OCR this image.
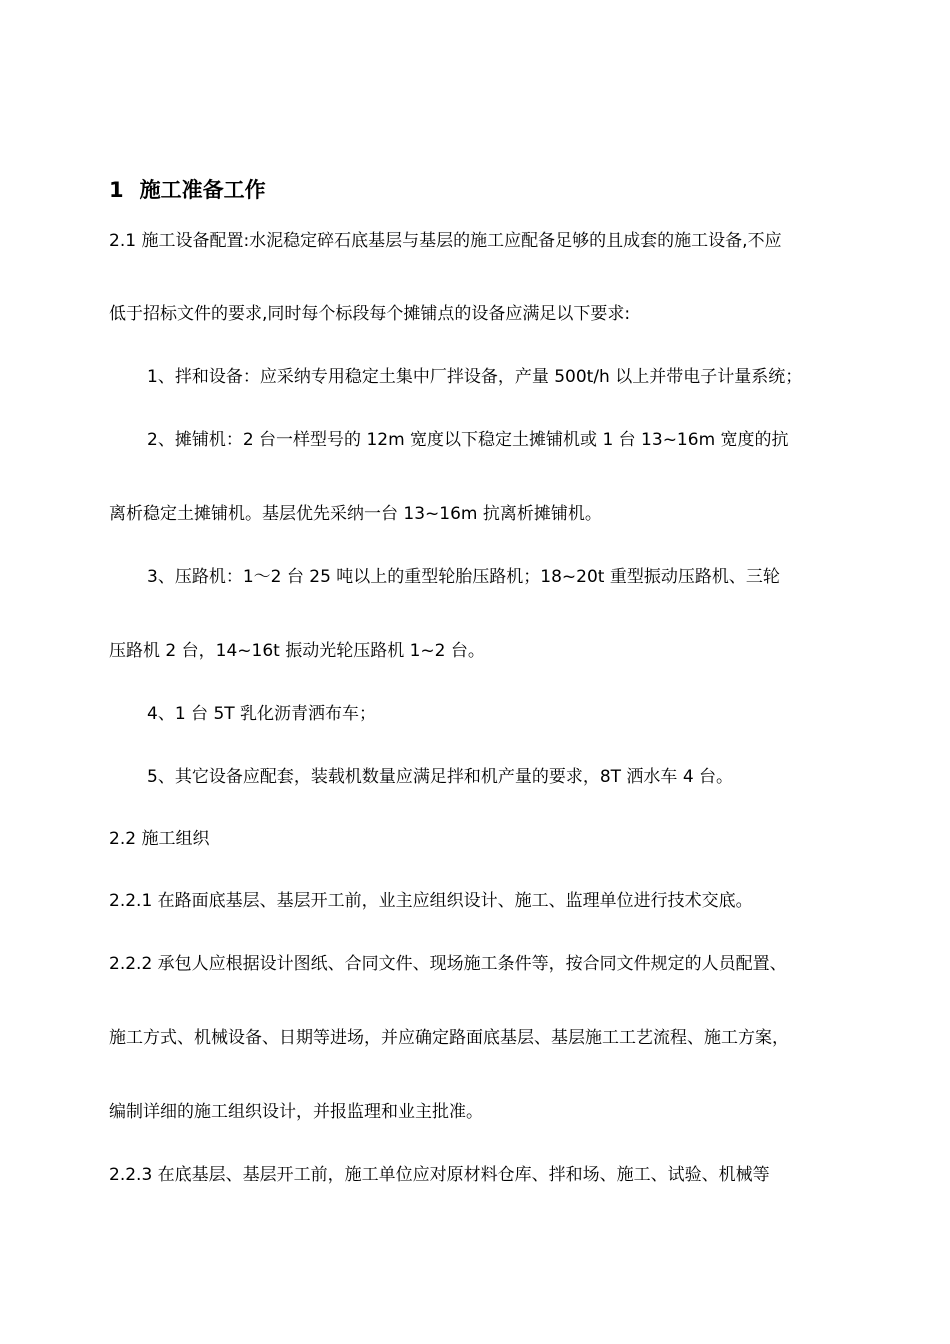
1 施工准备工作
2.1 施工设备配置:水泥稳定碎石底基层与基层的施工应配备足够的且成套的施工设备,不应
低于招标文件的要求,同时每个标段每个摊铺点的设备应满足以下要求:
1、拌和设备：应采纳专用稳定土集中厂拌设备，产量 500t/h 以上并带电子计量系统；
2、摊铺机：2 台一样型号的 12m 宽度以下稳定土摊铺机或 1 台 13~16m 宽度的抗
离析稳定土摊铺机。基层优先采纳一台 13~16m 抗离析摊铺机。
3、压路机：1～2 台 25 吨以上的重型轮胎压路机；18~20t 重型振动压路机、三轮
压路机 2 台，14~16t 振动光轮压路机 1~2 台。
4、1 台 5T 乳化沥青洒布车；
5、其它设备应配套，装载机数量应满足拌和机产量的要求，8T 洒水车 4 台。
2.2 施工组织
2.2.1 在路面底基层、基层开工前，业主应组织设计、施工、监理单位进行技术交底。
2.2.2 承包人应根据设计图纸、合同文件、现场施工条件等，按合同文件规定的人员配置、
施工方式、机械设备、日期等进场，并应确定路面底基层、基层施工工艺流程、施工方案，
编制详细的施工组织设计，并报监理和业主批准。
2.2.3 在底基层、基层开工前，施工单位应对原材料仓库、拌和场、施工、试验、机械等
